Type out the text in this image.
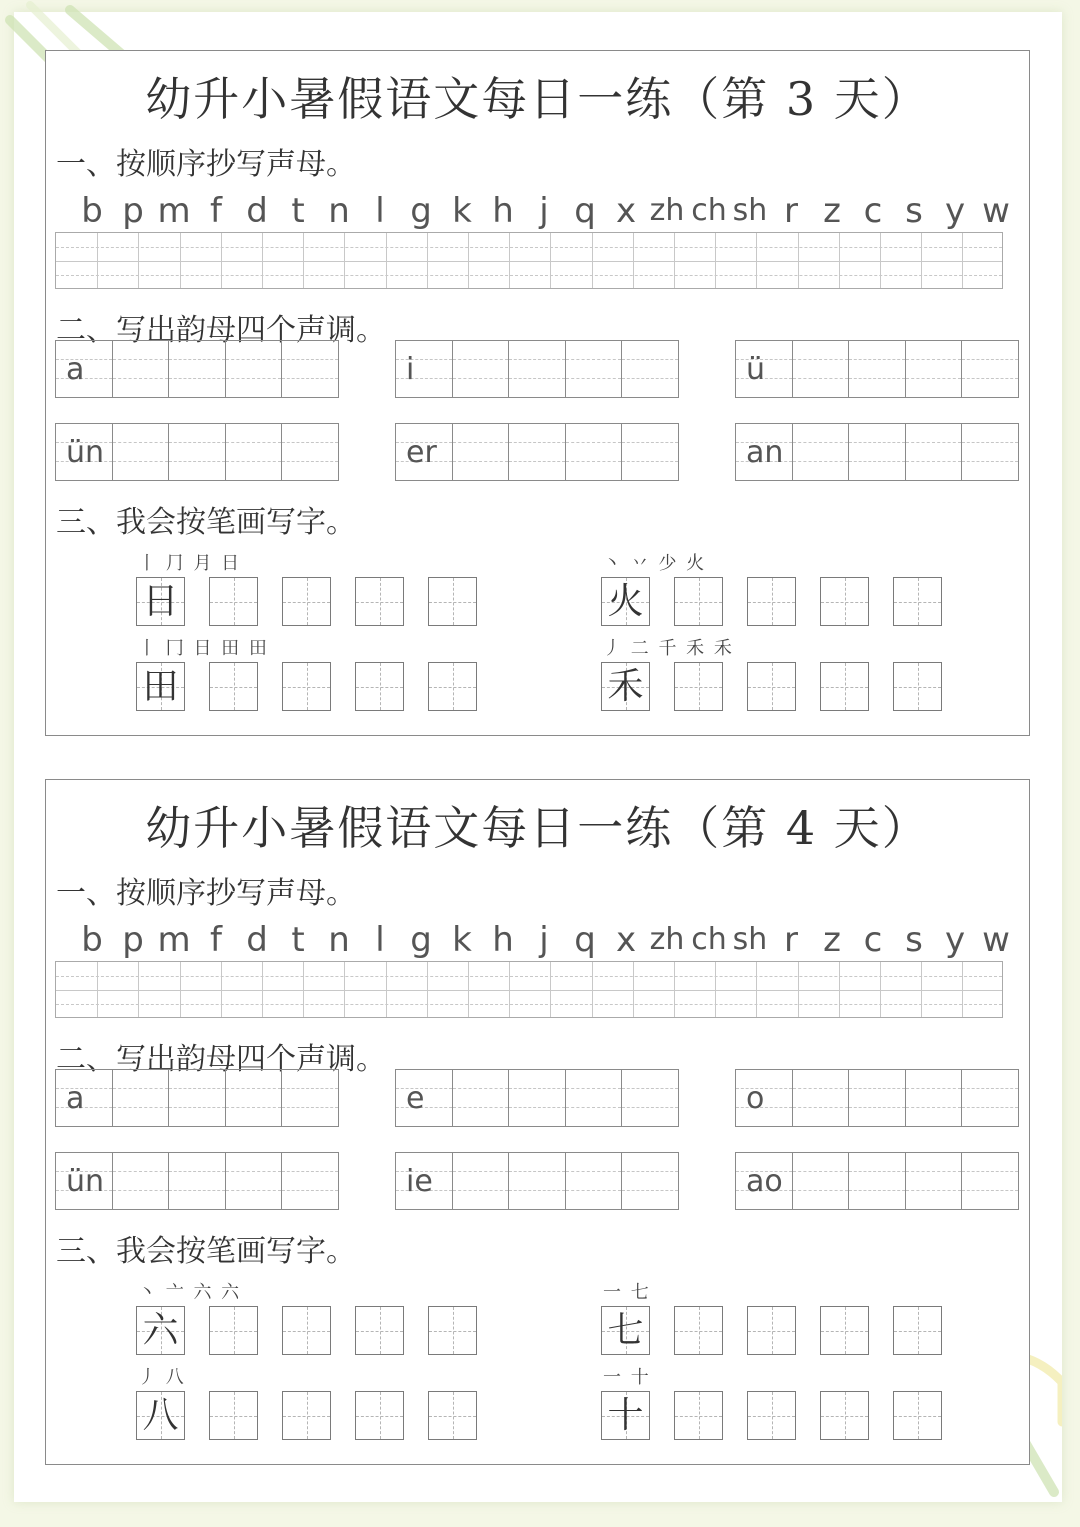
幼升小暑假语文每日一练（第 3 天）
一、按顺序抄写声母。
b p m f d t n l g k h j q x zh ch sh r z c s y w
二、写出韵母四个声调。
a	i	ü
ün	er	an
三、我会按笔画写字。
丨 ⺆ 月 日
日
丶 丷 少 火
火
丨 冂 日 田 田
田
丿 二 千 禾 禾
禾
幼升小暑假语文每日一练（第 4 天）
一、按顺序抄写声母。
b p m f d t n l g k h j q x zh ch sh r z c s y w
二、写出韵母四个声调。
a	e	o
ün	ie	ao
三、我会按笔画写字。
丶 亠 六 六
六
一 七
七
丿 八
八
一 十
十
